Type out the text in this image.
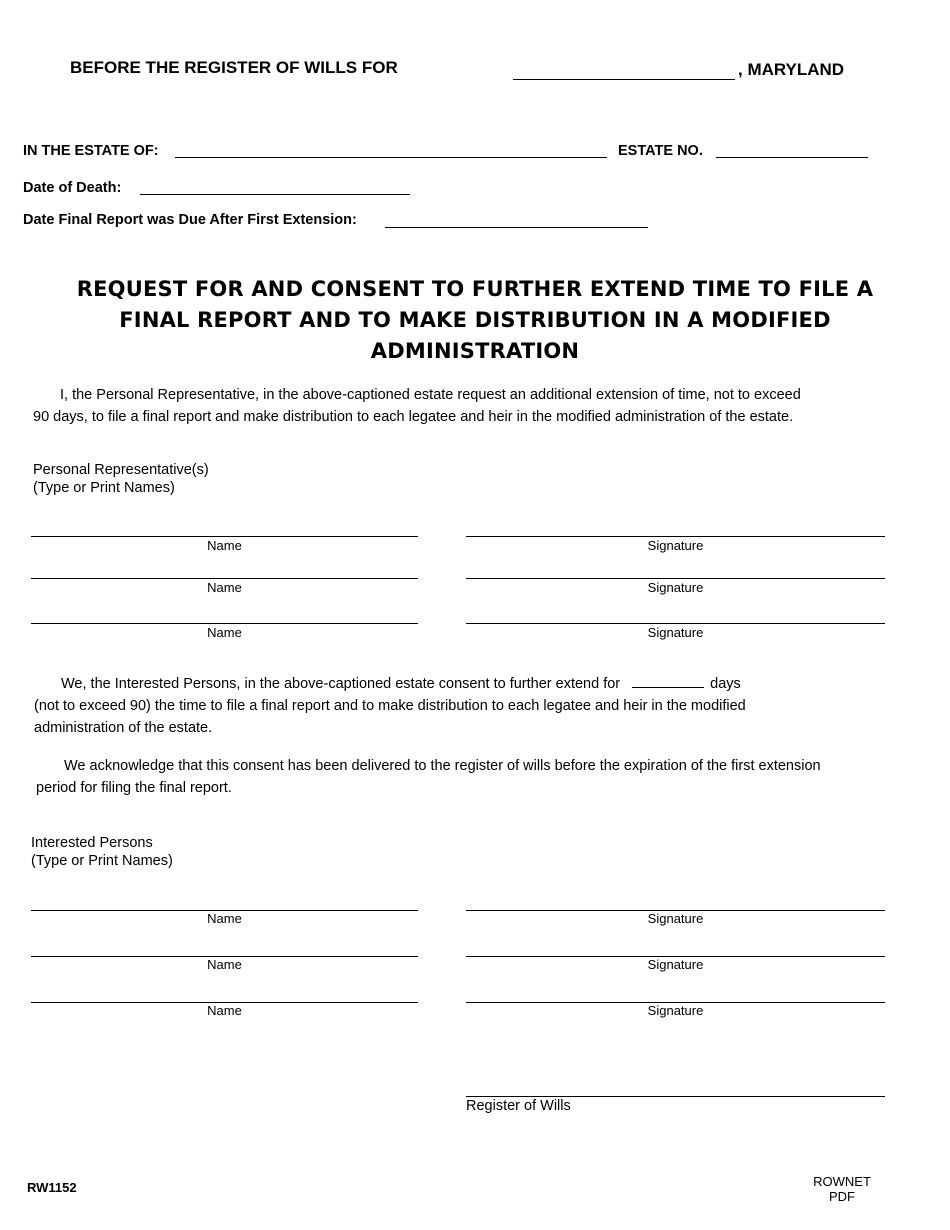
BEFORE THE REGISTER OF WILLS FOR	, MARYLAND
IN THE ESTATE OF:	ESTATE NO.
Date of Death:
Date Final Report was Due After First Extension:
REQUEST FOR AND CONSENT TO FURTHER EXTEND TIME TO FILE A
FINAL REPORT AND TO MAKE DISTRIBUTION IN A MODIFIED
ADMINISTRATION
I, the Personal Representative, in the above-captioned estate request an additional extension of time, not to exceed
90 days, to file a final report and make distribution to each legatee and heir in the modified administration of the estate.
Personal Representative(s)
(Type or Print Names)
Name	Signature
Name	Signature
Name	Signature
We, the Interested Persons, in the above-captioned estate consent to further extend for	days
(not to exceed 90) the time to file a final report and to make distribution to each legatee and heir in the modified
administration of the estate.
We acknowledge that this consent has been delivered to the register of wills before the expiration of the first extension
period for filing the final report.
Interested Persons
(Type or Print Names)
Name	Signature
Name	Signature
Name	Signature
Register of Wills
RW1152	ROWNET
PDF
